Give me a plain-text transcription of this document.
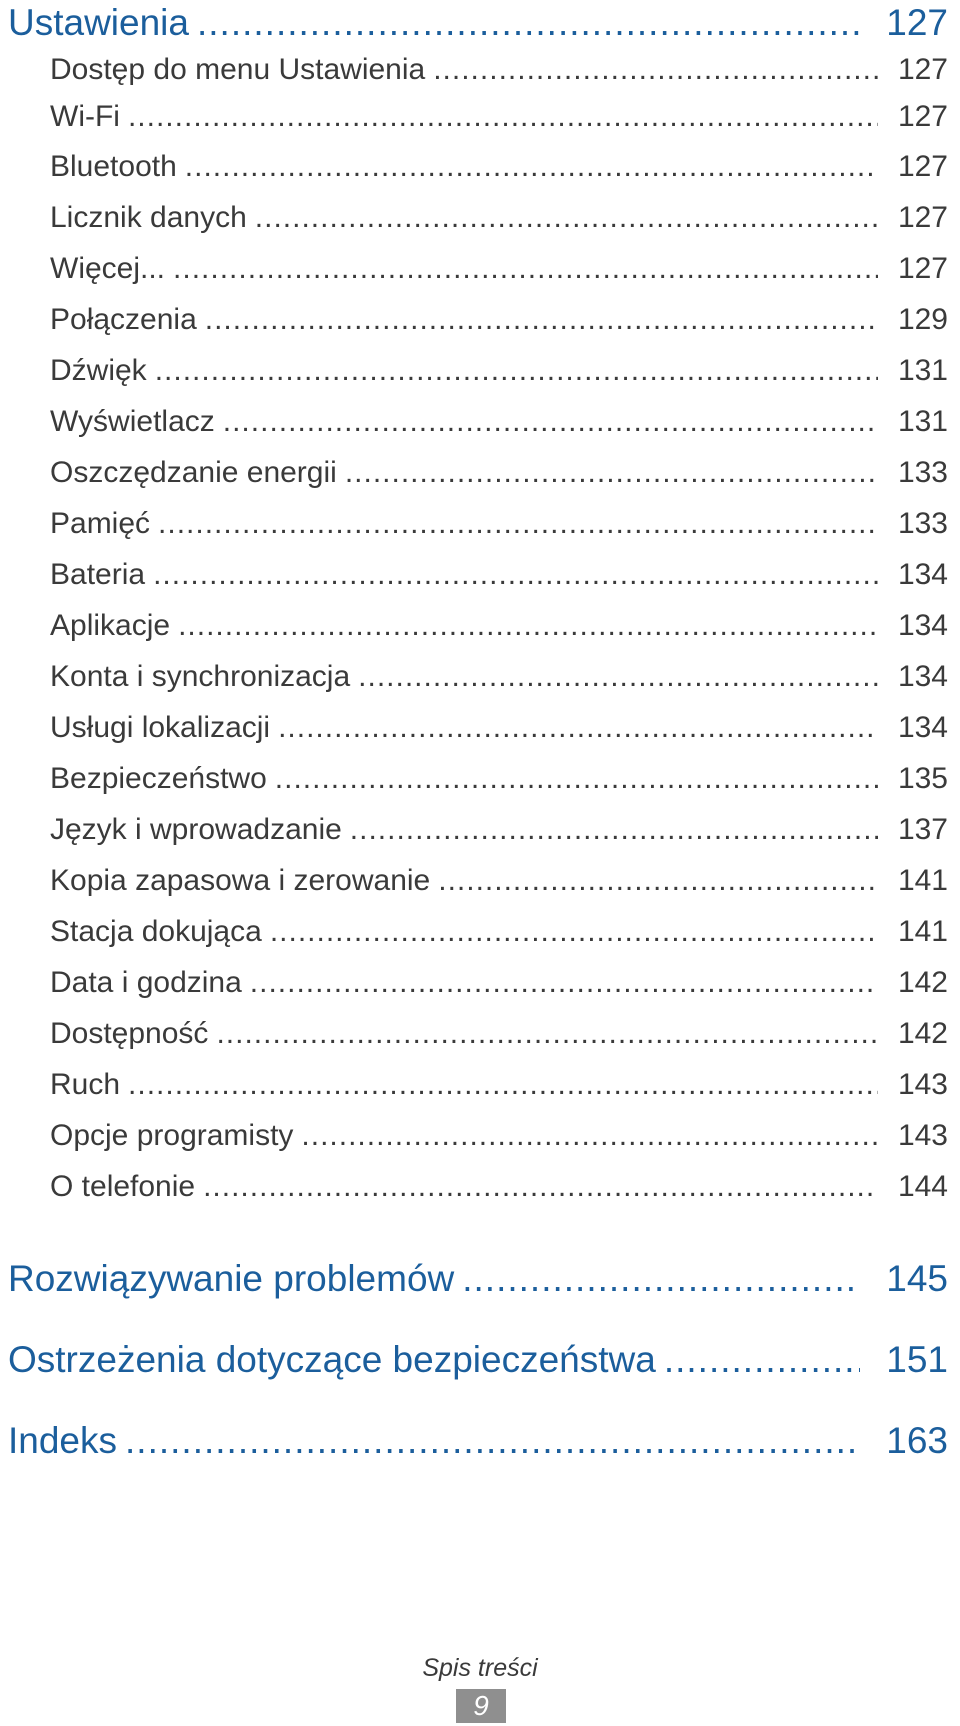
Ustawienia .....	127
Dostęp do menu Ustawienia .....	127
Wi-Fi .....	127
Bluetooth .....	127
Licznik danych .....	127
Więcej... .....	127
Połączenia .....	129
Dźwięk .....	131
Wyświetlacz .....	131
Oszczędzanie energii .....	133
Pamięć .....	133
Bateria .....	134
Aplikacje .....	134
Konta i synchronizacja .....	134
Usługi lokalizacji .....	134
Bezpieczeństwo .....	135
Język i wprowadzanie .....	137
Kopia zapasowa i zerowanie .....	141
Stacja dokująca .....	141
Data i godzina .....	142
Dostępność .....	142
Ruch .....	143
Opcje programisty .....	143
O telefonie .....	144
Rozwiązywanie problemów .....	145
Ostrzeżenia dotyczące bezpieczeństwa .....	151
Indeks .....	163
Spis treści
9
